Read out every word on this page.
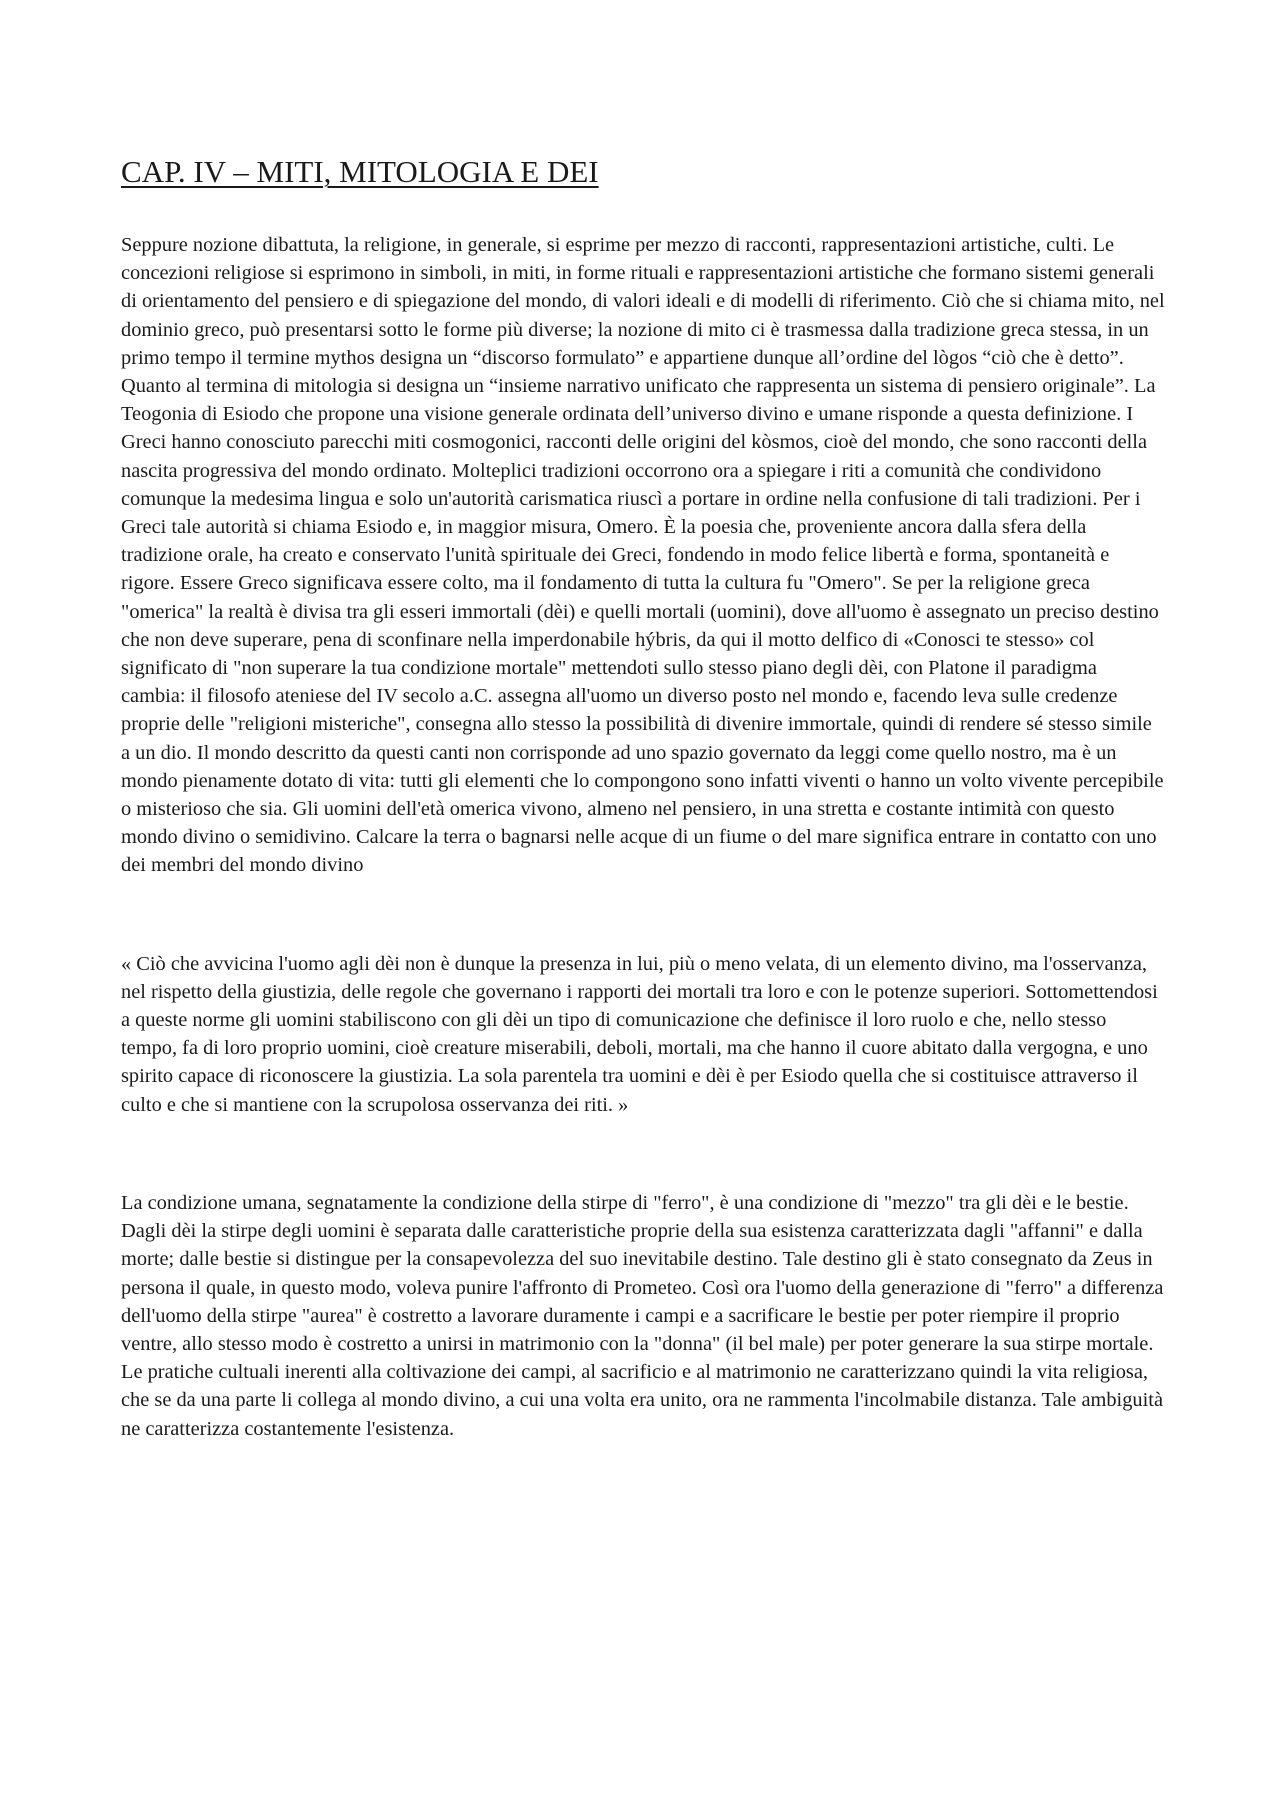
CAP. IV – MITI, MITOLOGIA E DEI

Seppure nozione dibattuta, la religione, in generale, si esprime per mezzo di racconti, rappresentazioni artistiche, culti. Le concezioni religiose si esprimono in simboli, in miti, in forme rituali e rappresentazioni artistiche che formano sistemi generali di orientamento del pensiero e di spiegazione del mondo, di valori ideali e di modelli di riferimento. Ciò che si chiama mito, nel dominio greco, può presentarsi sotto le forme più diverse; la nozione di mito ci è trasmessa dalla tradizione greca stessa, in un primo tempo il termine mythos designa un “discorso formulato” e appartiene dunque all’ordine del lògos “ciò che è detto”. Quanto al termina di mitologia si designa un “insieme narrativo unificato che rappresenta un sistema di pensiero originale”. La Teogonia di Esiodo che propone una visione generale ordinata dell’universo divino e umane risponde a questa definizione. I Greci hanno conosciuto parecchi miti cosmogonici, racconti delle origini del kòsmos, cioè del mondo, che sono racconti della nascita progressiva del mondo ordinato. Molteplici tradizioni occorrono ora a spiegare i riti a comunità che condividono comunque la medesima lingua e solo un'autorità carismatica riuscì a portare in ordine nella confusione di tali tradizioni. Per i Greci tale autorità si chiama Esiodo e, in maggior misura, Omero. È la poesia che, proveniente ancora dalla sfera della tradizione orale, ha creato e conservato l'unità spirituale dei Greci, fondendo in modo felice libertà e forma, spontaneità e rigore. Essere Greco significava essere colto, ma il fondamento di tutta la cultura fu "Omero". Se per la religione greca "omerica" la realtà è divisa tra gli esseri immortali (dèi) e quelli mortali (uomini), dove all'uomo è assegnato un preciso destino che non deve superare, pena di sconfinare nella imperdonabile hýbris, da qui il motto delfico di «Conosci te stesso» col significato di "non superare la tua condizione mortale" mettendoti sullo stesso piano degli dèi, con Platone il paradigma cambia: il filosofo ateniese del IV secolo a.C. assegna all'uomo un diverso posto nel mondo e, facendo leva sulle credenze proprie delle "religioni misteriche", consegna allo stesso la possibilità di divenire immortale, quindi di rendere sé stesso simile a un dio. Il mondo descritto da questi canti non corrisponde ad uno spazio governato da leggi come quello nostro, ma è un mondo pienamente dotato di vita: tutti gli elementi che lo compongono sono infatti viventi o hanno un volto vivente percepibile o misterioso che sia. Gli uomini dell'età omerica vivono, almeno nel pensiero, in una stretta e costante intimità con questo mondo divino o semidivino. Calcare la terra o bagnarsi nelle acque di un fiume o del mare significa entrare in contatto con uno dei membri del mondo divino

« Ciò che avvicina l'uomo agli dèi non è dunque la presenza in lui, più o meno velata, di un elemento divino, ma l'osservanza, nel rispetto della giustizia, delle regole che governano i rapporti dei mortali tra loro e con le potenze superiori. Sottomettendosi a queste norme gli uomini stabiliscono con gli dèi un tipo di comunicazione che definisce il loro ruolo e che, nello stesso tempo, fa di loro proprio uomini, cioè creature miserabili, deboli, mortali, ma che hanno il cuore abitato dalla vergogna, e uno spirito capace di riconoscere la giustizia. La sola parentela tra uomini e dèi è per Esiodo quella che si costituisce attraverso il culto e che si mantiene con la scrupolosa osservanza dei riti. »

La condizione umana, segnatamente la condizione della stirpe di "ferro", è una condizione di "mezzo" tra gli dèi e le bestie. Dagli dèi la stirpe degli uomini è separata dalle caratteristiche proprie della sua esistenza caratterizzata dagli "affanni" e dalla morte; dalle bestie si distingue per la consapevolezza del suo inevitabile destino. Tale destino gli è stato consegnato da Zeus in persona il quale, in questo modo, voleva punire l'affronto di Prometeo. Così ora l'uomo della generazione di "ferro" a differenza dell'uomo della stirpe "aurea" è costretto a lavorare duramente i campi e a sacrificare le bestie per poter riempire il proprio ventre, allo stesso modo è costretto a unirsi in matrimonio con la "donna" (il bel male) per poter generare la sua stirpe mortale. Le pratiche cultuali inerenti alla coltivazione dei campi, al sacrificio e al matrimonio ne caratterizzano quindi la vita religiosa, che se da una parte li collega al mondo divino, a cui una volta era unito, ora ne rammenta l'incolmabile distanza. Tale ambiguità ne caratterizza costantemente l'esistenza.
